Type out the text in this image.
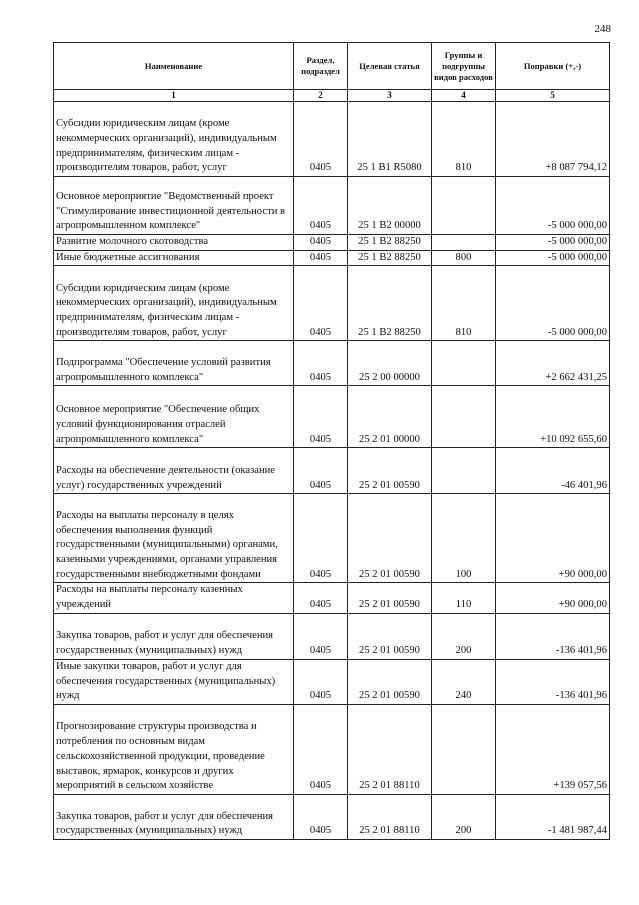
248
Наименование	Раздел, подраздел	Целевая статья	Группы и подгруппы видов расходов	Поправки (+,-)
1	2	3	4	5
Субсидии юридическим лицам (кроме некоммерческих организаций), индивидуальным предпринимателям, физическим лицам - производителям товаров, работ, услуг	0405	25 1 B1 R5080	810	+8 087 794,12
Основное мероприятие "Ведомственный проект "Стимулирование инвестиционной деятельности в агропромышленном комплексе"	0405	25 1 B2 00000		-5 000 000,00
Развитие молочного скотоводства	0405	25 1 B2 88250		-5 000 000,00
Иные бюджетные ассигнования	0405	25 1 B2 88250	800	-5 000 000,00
Субсидии юридическим лицам (кроме некоммерческих организаций), индивидуальным предпринимателям, физическим лицам - производителям товаров, работ, услуг	0405	25 1 B2 88250	810	-5 000 000,00
Подпрограмма "Обеспечение условий развития агропромышленного комплекса"	0405	25 2 00 00000		+2 662 431,25
Основное мероприятие "Обеспечение общих условий функционирования отраслей агропромышленного комплекса"	0405	25 2 01 00000		+10 092 655,60
Расходы на обеспечение деятельности (оказание услуг) государственных учреждений	0405	25 2 01 00590		-46 401,96
Расходы на выплаты персоналу в целях обеспечения выполнения функций государственными (муниципальными) органами, казенными учреждениями, органами управления государственными внебюджетными фондами	0405	25 2 01 00590	100	+90 000,00
Расходы на выплаты персоналу казенных учреждений	0405	25 2 01 00590	110	+90 000,00
Закупка товаров, работ и услуг для обеспечения государственных (муниципальных) нужд	0405	25 2 01 00590	200	-136 401,96
Иные закупки товаров, работ и услуг для обеспечения государственных (муниципальных) нужд	0405	25 2 01 00590	240	-136 401,96
Прогнозирование структуры производства и потребления по основным видам сельскохозяйственной продукции, проведение выставок, ярмарок, конкурсов и других мероприятий в сельском хозяйстве	0405	25 2 01 88110		+139 057,56
Закупка товаров, работ и услуг для обеспечения государственных (муниципальных) нужд	0405	25 2 01 88110	200	-1 481 987,44
